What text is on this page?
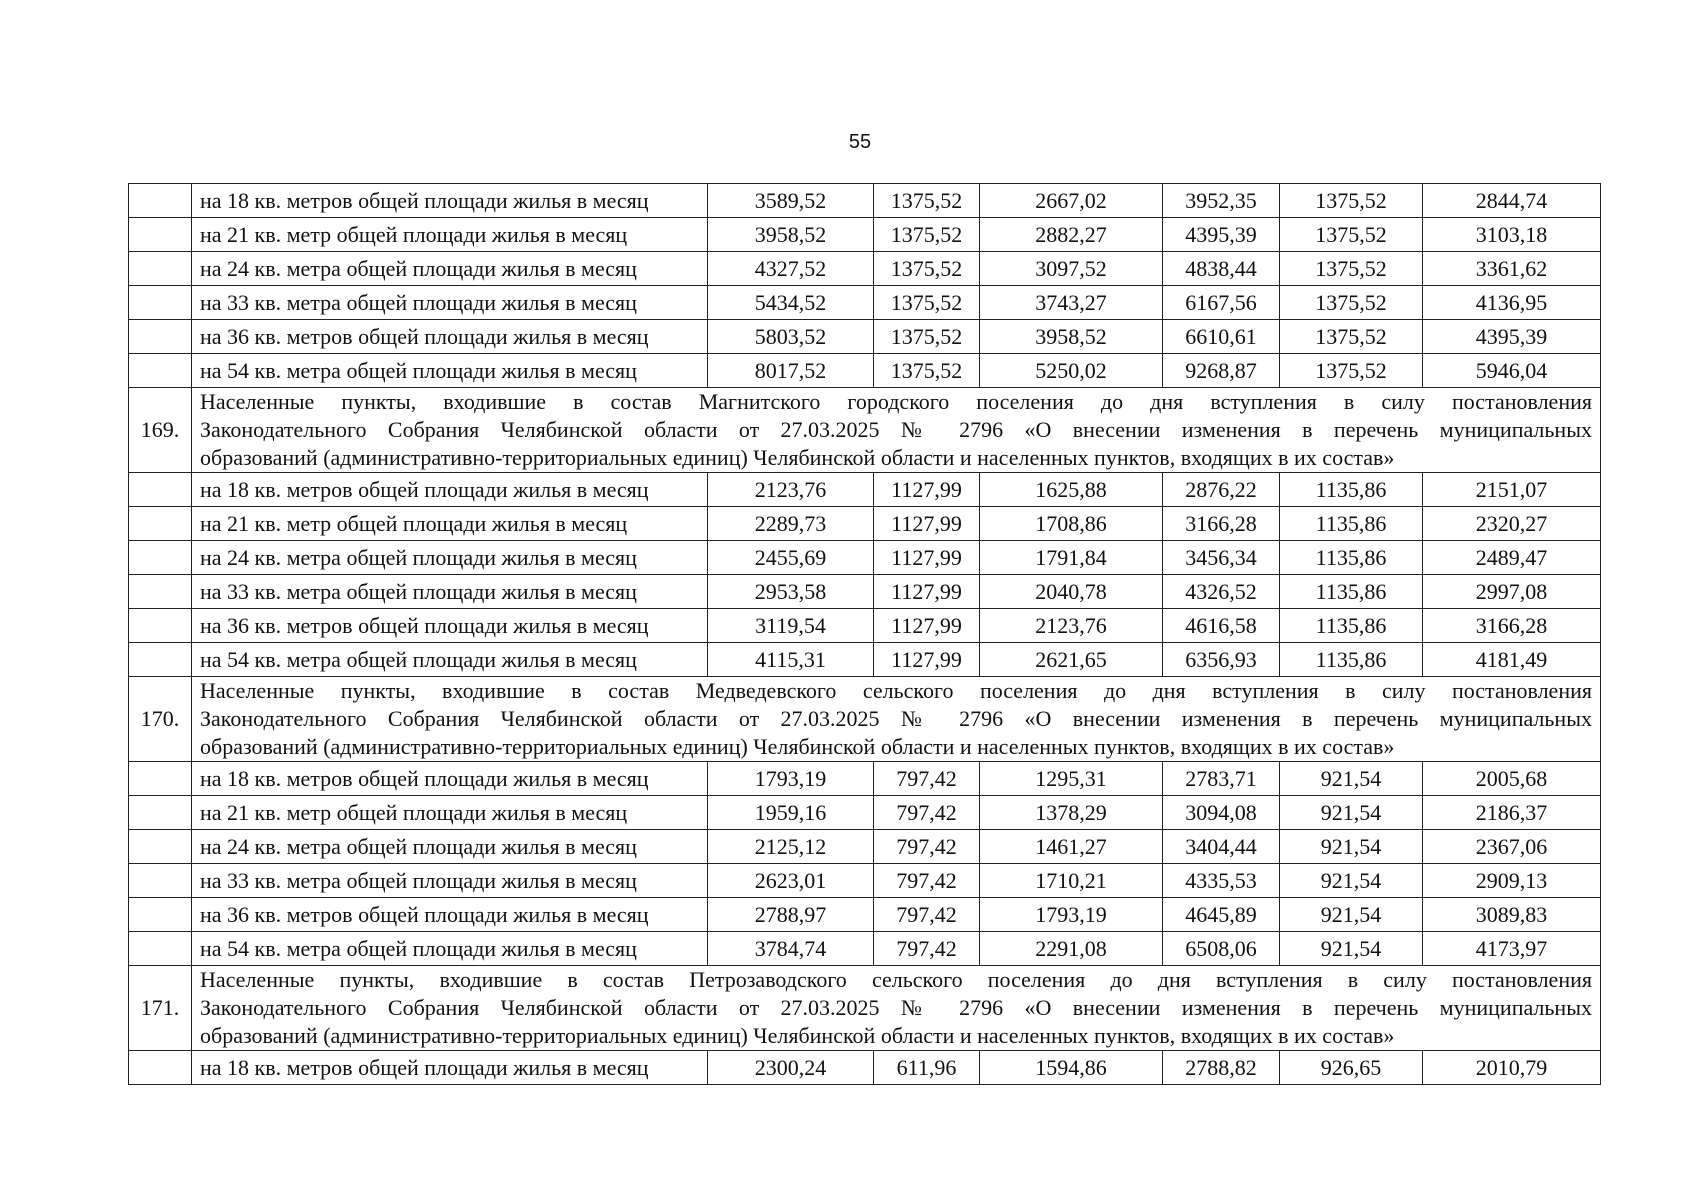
55
	на 18 кв. метров общей площади жилья в месяц	3589,52	1375,52	2667,02	3952,35	1375,52	2844,74
	на 21 кв. метр общей площади жилья в месяц	3958,52	1375,52	2882,27	4395,39	1375,52	3103,18
	на 24 кв. метра общей площади жилья в месяц	4327,52	1375,52	3097,52	4838,44	1375,52	3361,62
	на 33 кв. метра общей площади жилья в месяц	5434,52	1375,52	3743,27	6167,56	1375,52	4136,95
	на 36 кв. метров общей площади жилья в месяц	5803,52	1375,52	3958,52	6610,61	1375,52	4395,39
	на 54 кв. метра общей площади жилья в месяц	8017,52	1375,52	5250,02	9268,87	1375,52	5946,04
169.	Населенные пункты, входившие в состав Магнитского городского поселения до дня вступления в силу постановления
Законодательного Собрания Челябинской области от 27.03.2025 № 2796 «О внесении изменения в перечень муниципальных
образований (административно-территориальных единиц) Челябинской области и населенных пунктов, входящих в их состав»						

	на 18 кв. метров общей площади жилья в месяц	2123,76	1127,99	1625,88	2876,22	1135,86	2151,07
	на 21 кв. метр общей площади жилья в месяц	2289,73	1127,99	1708,86	3166,28	1135,86	2320,27
	на 24 кв. метра общей площади жилья в месяц	2455,69	1127,99	1791,84	3456,34	1135,86	2489,47
	на 33 кв. метра общей площади жилья в месяц	2953,58	1127,99	2040,78	4326,52	1135,86	2997,08
	на 36 кв. метров общей площади жилья в месяц	3119,54	1127,99	2123,76	4616,58	1135,86	3166,28
	на 54 кв. метра общей площади жилья в месяц	4115,31	1127,99	2621,65	6356,93	1135,86	4181,49
170.	Населенные пункты, входившие в состав Медведевского сельского поселения до дня вступления в силу постановления
Законодательного Собрания Челябинской области от 27.03.2025 № 2796 «О внесении изменения в перечень муниципальных
образований (административно-территориальных единиц) Челябинской области и населенных пунктов, входящих в их состав»						

	на 18 кв. метров общей площади жилья в месяц	1793,19	797,42	1295,31	2783,71	921,54	2005,68
	на 21 кв. метр общей площади жилья в месяц	1959,16	797,42	1378,29	3094,08	921,54	2186,37
	на 24 кв. метра общей площади жилья в месяц	2125,12	797,42	1461,27	3404,44	921,54	2367,06
	на 33 кв. метра общей площади жилья в месяц	2623,01	797,42	1710,21	4335,53	921,54	2909,13
	на 36 кв. метров общей площади жилья в месяц	2788,97	797,42	1793,19	4645,89	921,54	3089,83
	на 54 кв. метра общей площади жилья в месяц	3784,74	797,42	2291,08	6508,06	921,54	4173,97
171.	Населенные пункты, входившие в состав Петрозаводского сельского поселения до дня вступления в силу постановления
Законодательного Собрания Челябинской области от 27.03.2025 № 2796 «О внесении изменения в перечень муниципальных
образований (административно-территориальных единиц) Челябинской области и населенных пунктов, входящих в их состав»						

	на 18 кв. метров общей площади жилья в месяц	2300,24	611,96	1594,86	2788,82	926,65	2010,79
